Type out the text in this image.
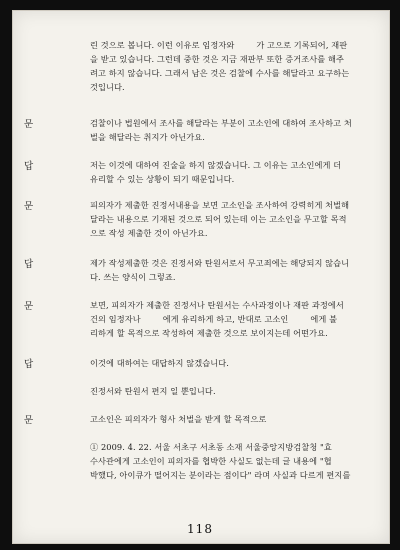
린 것으로 봅니다. 이런 이유로 임정자와 　　 가 고으로 기록되어, 재판
을 받고 있습니다. 그런데 중한 것은 지금 재판부 또한 증거조사를 해주
려고 하지 않습니다. 그래서 남은 것은 검찰에 수사를 해달라고 요구하는
것입니다.
문	검찰이나 법원에서 조사를 해달라는 부분이 고소인에 대하여 조사하고 처
벌을 해달라는 취지가 아닌가요.
답	저는 이것에 대하여 진술을 하지 않겠습니다. 그 이유는 고소인에게 더
유리할 수 있는 상황이 되기 때문입니다.
문	피의자가 제출한 진정서내용을 보면 고소인을 조사하여 강력히게 처벌해
달라는 내용으로 기재된 것으로 되어 있는데 이는 고소인을 무고할 목적
으로 작성 제출한 것이 아닌가요.
답	제가 작성제출한 것은 진정서와 탄원서로서 무고죄에는 해당되지 않습니
다. 쓰는 양식이 그렇죠.
문	보면, 피의자가 제출한 진정서나 탄원서는 수사과정이나 재판 과정에서
건의 임정자나 　　 에게 유리하게 하고, 반대로 고소인 　　 에게 불
리하게 할 목적으로 작성하여 제출한 것으로 보이지는데 어떤가요.
답	이것에 대하여는 대답하지 않겠습니다.
진정서와 탄원서 편지 일 뿐입니다.
문	고소인은 피의자가 형사 처벌을 받게 할 목적으로
① 2009. 4. 22. 서울 서초구 서초동 소재 서울중앙지방검찰청 "효
수사관에게 고소인이 피의자를 협박한 사실도 없는데 글 내용에 "협
박했다, 아이큐가 떨어지는 분이라는 점이다" 라며 사실과 다르게 편지를
118
